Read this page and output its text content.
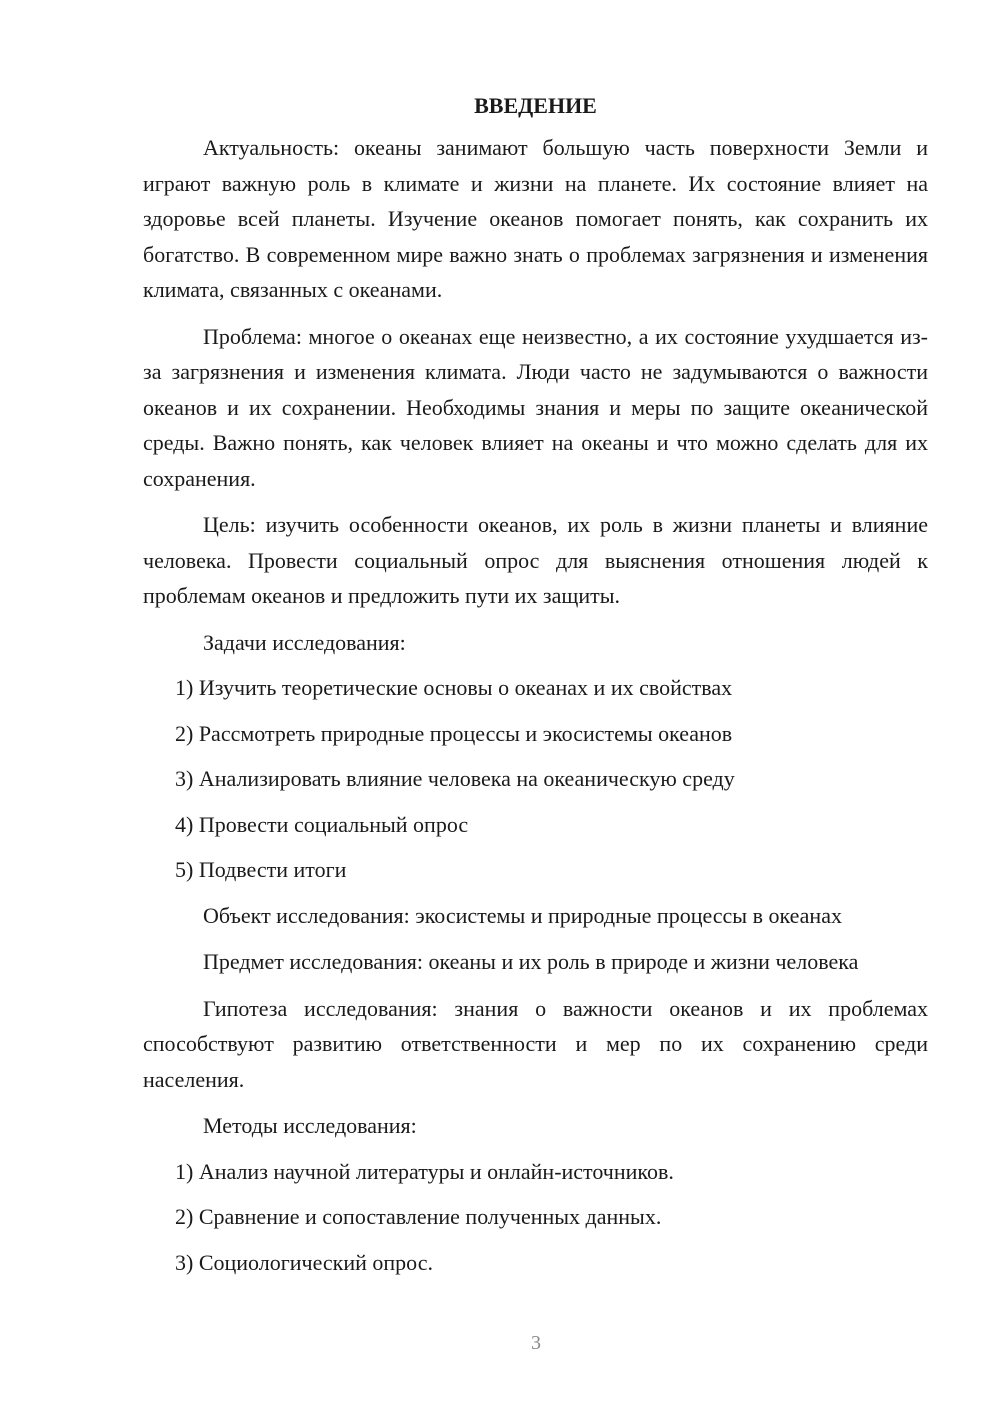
ВВЕДЕНИЕ

Актуальность: океаны занимают большую часть поверхности Земли и играют важную роль в климате и жизни на планете. Их состояние влияет на здоровье всей планеты. Изучение океанов помогает понять, как сохранить их богатство. В современном мире важно знать о проблемах загрязнения и изменения климата, связанных с океанами.

Проблема: многое о океанах еще неизвестно, а их состояние ухудшается из-за загрязнения и изменения климата. Люди часто не задумываются о важности океанов и их сохранении. Необходимы знания и меры по защите океанической среды. Важно понять, как человек влияет на океаны и что можно сделать для их сохранения.

Цель: изучить особенности океанов, их роль в жизни планеты и влияние человека. Провести социальный опрос для выяснения отношения людей к проблемам океанов и предложить пути их защиты.

Задачи исследования:

1) Изучить теоретические основы о океанах и их свойствах
2) Рассмотреть природные процессы и экосистемы океанов
3) Анализировать влияние человека на океаническую среду
4) Провести социальный опрос
5) Подвести итоги

Объект исследования: экосистемы и природные процессы в океанах

Предмет исследования: океаны и их роль в природе и жизни человека

Гипотеза исследования: знания о важности океанов и их проблемах способствуют развитию ответственности и мер по их сохранению среди населения.

Методы исследования:

1) Анализ научной литературы и онлайн-источников.
2) Сравнение и сопоставление полученных данных.
3) Социологический опрос.
3
